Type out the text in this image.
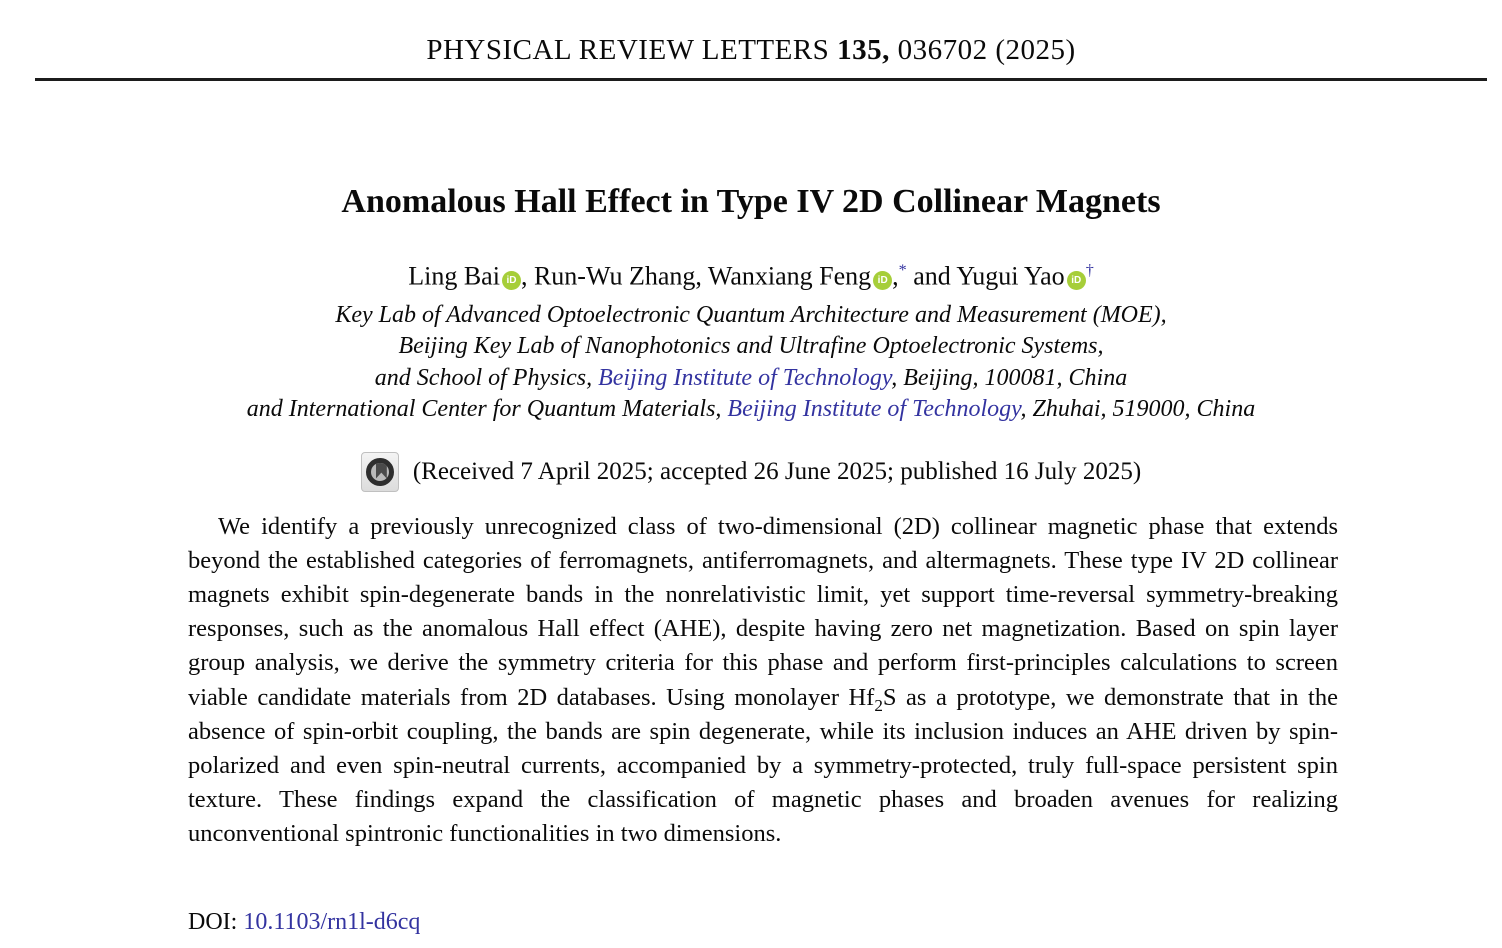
PHYSICAL REVIEW LETTERS 135, 036702 (2025)
Anomalous Hall Effect in Type IV 2D Collinear Magnets
Ling Bai iD , Run-Wu Zhang, Wanxiang Feng iD ,* and Yugui Yao iD†
Key Lab of Advanced Optoelectronic Quantum Architecture and Measurement (MOE),
Beijing Key Lab of Nanophotonics and Ultrafine Optoelectronic Systems,
and School of Physics, Beijing Institute of Technology, Beijing, 100081, China
and International Center for Quantum Materials, Beijing Institute of Technology, Zhuhai, 519000, China
(Received 7 April 2025; accepted 26 June 2025; published 16 July 2025)

We identify a previously unrecognized class of two-dimensional (2D) collinear magnetic phase that extends beyond the established categories of ferromagnets, antiferromagnets, and altermagnets. These type IV 2D collinear magnets exhibit spin-degenerate bands in the nonrelativistic limit, yet support time-reversal symmetry-breaking responses, such as the anomalous Hall effect (AHE), despite having zero net magnetization. Based on spin layer group analysis, we derive the symmetry criteria for this phase and perform first-principles calculations to screen viable candidate materials from 2D databases. Using monolayer $Hf_2S$ as a prototype, we demonstrate that in the absence of spin-orbit coupling, the bands are spin degenerate, while its inclusion induces an AHE driven by spin-polarized and even spin-neutral currents, accompanied by a symmetry-protected, truly full-space persistent spin texture. These findings expand the classification of magnetic phases and broaden avenues for realizing unconventional spintronic functionalities in two dimensions.

DOI: 10.1103/rn1l-d6cq
